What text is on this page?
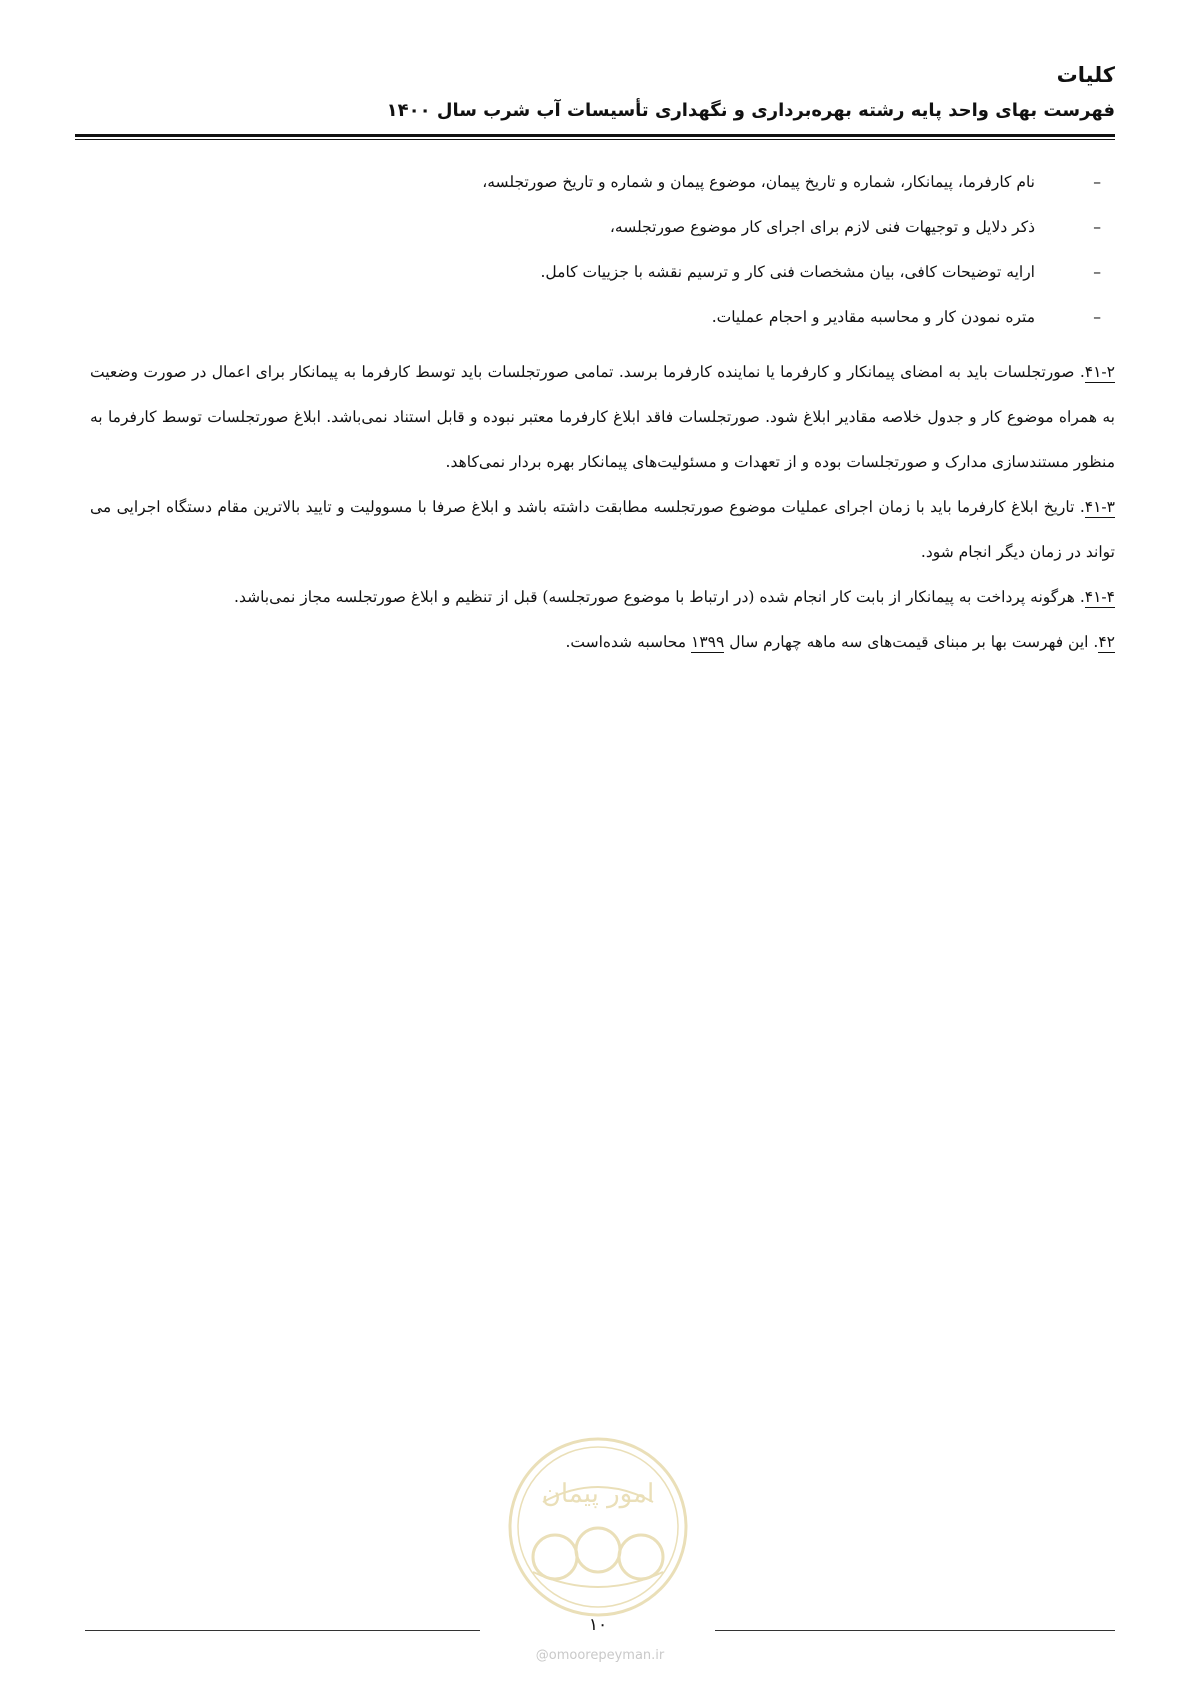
کلیات
فهرست بهای واحد پایه رشته بهره‌برداری و نگهداری تأسیسات آب شرب سال ۱۴۰۰
–
نام کارفرما، پیمانکار، شماره و تاریخ پیمان، موضوع پیمان و شماره و تاریخ صورتجلسه،
–
ذکر دلایل و توجیهات فنی لازم برای اجرای کار موضوع صورتجلسه،
–
ارایه توضیحات کافی، بیان مشخصات فنی کار و ترسیم نقشه با جزییات کامل.
–
متره نمودن کار و محاسبه مقادیر و احجام عملیات.

۴۱-۲. صورتجلسات باید به امضای پیمانکار و کارفرما یا نماینده کارفرما برسد. تمامی صورتجلسات باید توسط کارفرما به پیمانکار برای اعمال در صورت وضعیت به همراه موضوع کار و جدول خلاصه مقادیر ابلاغ شود. صورتجلسات فاقد ابلاغ کارفرما معتبر نبوده و قابل استناد نمی‌باشد. ابلاغ صورتجلسات توسط کارفرما به منظور مستندسازی مدارک و صورتجلسات بوده و از تعهدات و مسئولیت‌های پیمانکار بهره بردار نمی‌کاهد.

۴۱-۳. تاریخ ابلاغ کارفرما باید با زمان اجرای عملیات موضوع صورتجلسه مطابقت داشته باشد و ابلاغ صرفا با مسوولیت و تایید بالاترین مقام دستگاه اجرایی می تواند در زمان دیگر انجام شود.

۴۱-۴. هرگونه پرداخت به پیمانکار از بابت کار انجام شده (در ارتباط با موضوع صورتجلسه) قبل از تنظیم و ابلاغ صورتجلسه مجاز نمی‌باشد.

۴۲. این فهرست بها بر مبنای قیمت‌های سه ماهه چهارم سال ۱۳۹۹ محاسبه شده‌است.

امور پیمان
۱۰
@omoorepeyman.ir
